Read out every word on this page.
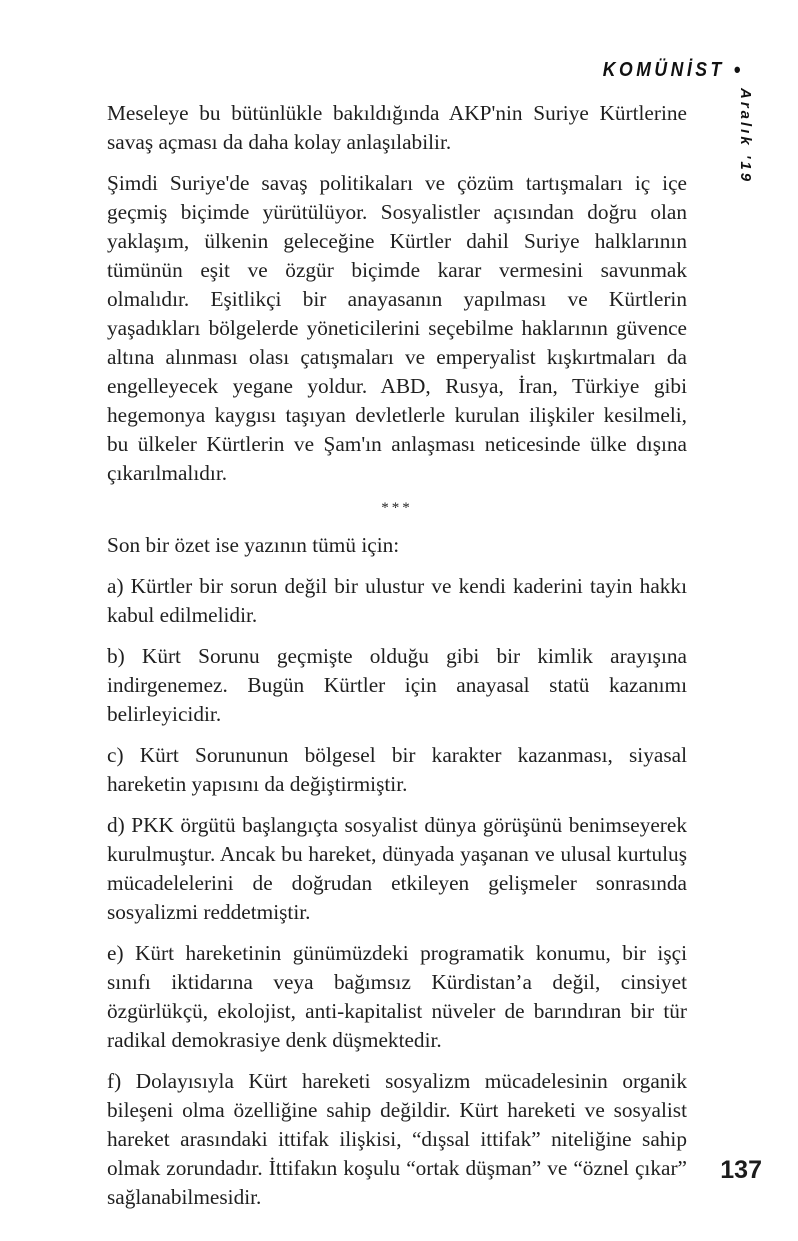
KOMÜNİST •
Aralık '19

Meseleye bu bütünlükle bakıldığında AKP'nin Suriye Kürtlerine savaş açması da daha kolay anlaşılabilir.

Şimdi Suriye'de savaş politikaları ve çözüm tartışmaları iç içe geçmiş biçimde yürütülüyor. Sosyalistler açısından doğru olan yaklaşım, ülkenin geleceğine Kürtler dahil Suriye halklarının tümünün eşit ve özgür biçimde karar vermesini savunmak olmalıdır. Eşitlikçi bir anayasanın yapılması ve Kürtlerin yaşadıkları bölgelerde yöneticilerini seçebilme haklarının güvence altına alınması olası çatışmaları ve emperyalist kışkırtmaları da engelleyecek yegane yoldur. ABD, Rusya, İran, Türkiye gibi hegemonya kaygısı taşıyan devletlerle kurulan ilişkiler kesilmeli, bu ülkeler Kürtlerin ve Şam'ın anlaşması neticesinde ülke dışına çıkarılmalıdır.

***

Son bir özet ise yazının tümü için:

a) Kürtler bir sorun değil bir ulustur ve kendi kaderini tayin hakkı kabul edilmelidir.

b) Kürt Sorunu geçmişte olduğu gibi bir kimlik arayışına indirgenemez. Bugün Kürtler için anayasal statü kazanımı belirleyicidir.

c) Kürt Sorununun bölgesel bir karakter kazanması, siyasal hareketin yapısını da değiştirmiştir.

d) PKK örgütü başlangıçta sosyalist dünya görüşünü benimseyerek kurulmuştur. Ancak bu hareket, dünyada yaşanan ve ulusal kurtuluş mücadelelerini de doğrudan etkileyen gelişmeler sonrasında sosyalizmi reddetmiştir.

e) Kürt hareketinin günümüzdeki programatik konumu, bir işçi sınıfı iktidarına veya bağımsız Kürdistan’a değil, cinsiyet özgürlükçü, ekolojist, anti-kapitalist nüveler de barındıran bir tür radikal demokrasiye denk düşmektedir.

f) Dolayısıyla Kürt hareketi sosyalizm mücadelesinin organik bileşeni olma özelliğine sahip değildir. Kürt hareketi ve sosyalist hareket arasındaki ittifak ilişkisi, “dışsal ittifak” niteliğine sahip olmak zorundadır. İttifakın koşulu “ortak düşman” ve “öznel çıkar” sağlanabilmesidir.

137
